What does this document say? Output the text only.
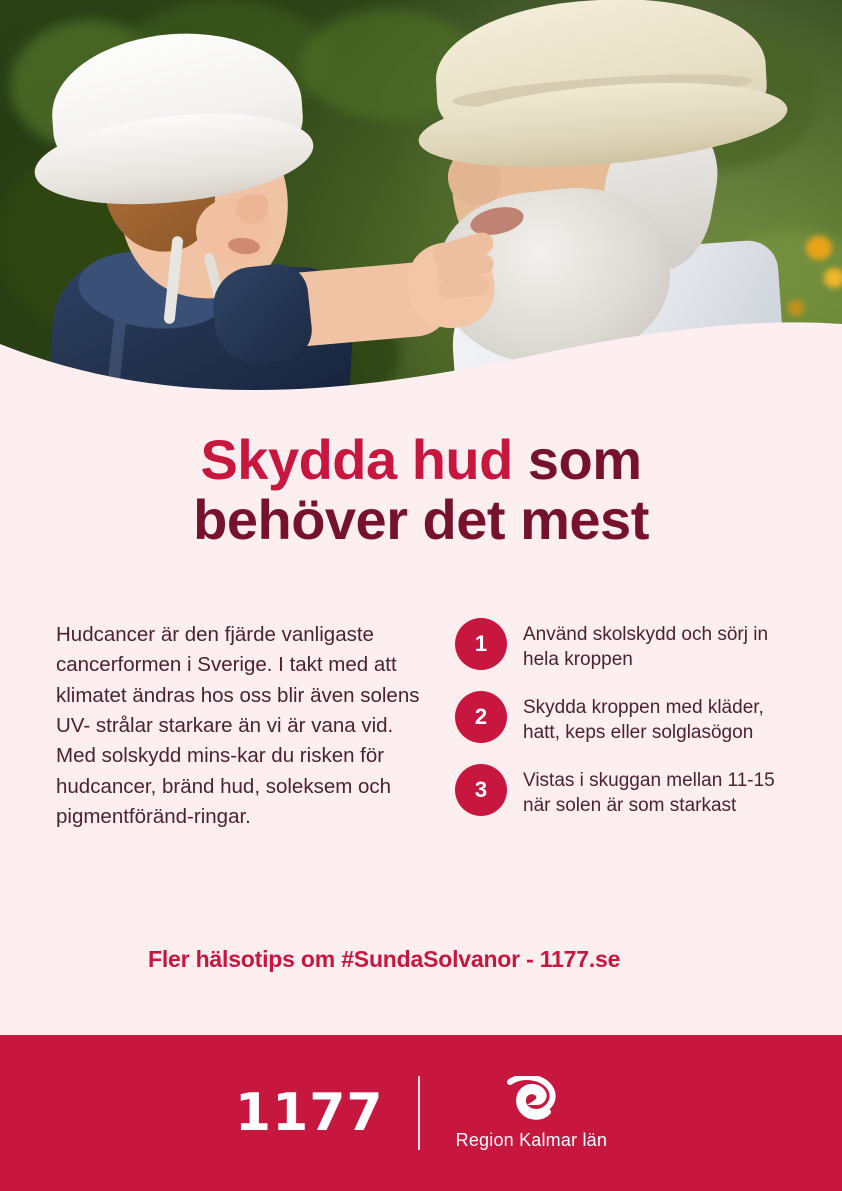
Skydda hud som
behöver det mest
Hudcancer är den fjärde vanligaste cancerformen i Sverige. I takt med att klimatet ändras hos oss blir även solens UV- strålar starkare än vi är vana vid. Med solskydd mins-kar du risken för hudcancer, bränd hud, soleksem och pigmentföränd-ringar.
1	Använd skolskydd och sörj in hela kroppen
2	Skydda kroppen med kläder, hatt, keps eller solglasögon
3	Vistas i skuggan mellan 11-15 när solen är som starkast
Fler hälsotips om #SundaSolvanor - 1177.se
1177	Region Kalmar län
